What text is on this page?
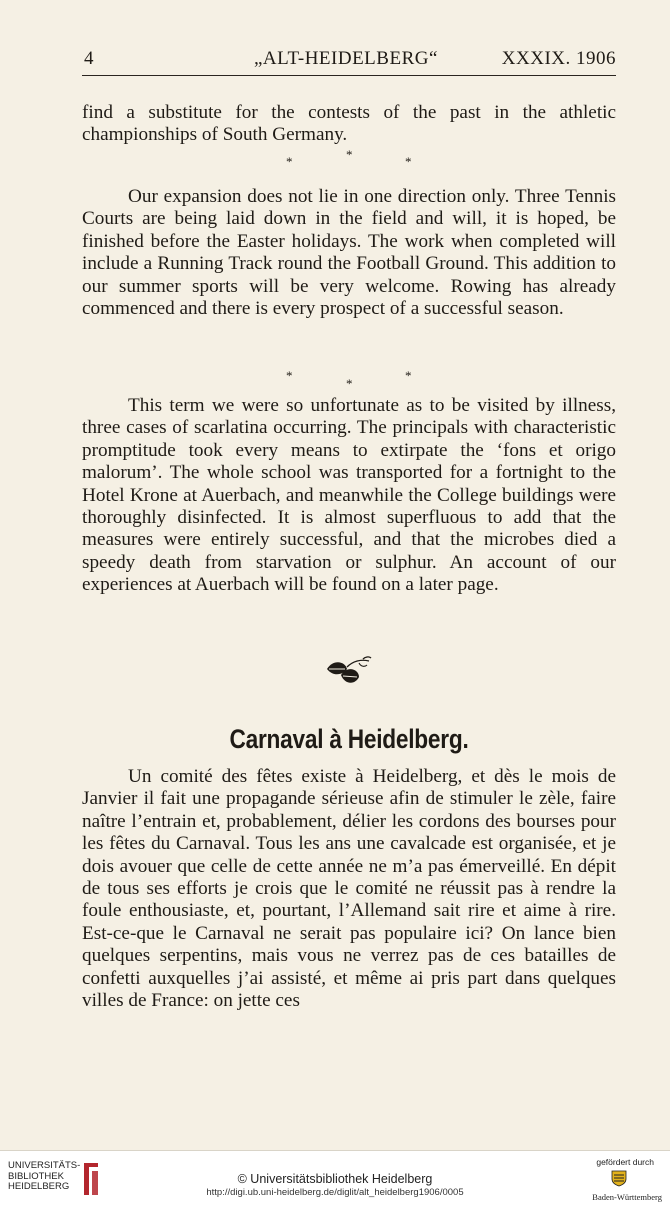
4	„ALT-HEIDELBERG“	XXXIX. 1906

find a substitute for the contests of the past in the athletic championships of South Germany.

*	*	*

Our expansion does not lie in one direction only. Three Tennis Courts are being laid down in the field and will, it is hoped, be finished before the Easter holidays. The work when completed will include a Running Track round the Football Ground. This addition to our summer sports will be very welcome. Rowing has already commenced and there is every prospect of a successful season.

*
*
*

This term we were so unfortunate as to be visited by illness, three cases of scarlatina occurring. The principals with characteristic promptitude took every means to extirpate the ‘fons et origo malorum’. The whole school was transported for a fortnight to the Hotel Krone at Auerbach, and meanwhile the College buildings were thoroughly disinfected. It is almost superfluous to add that the measures were entirely successful, and that the microbes died a speedy death from starvation or sulphur. An account of our experiences at Auerbach will be found on a later page.

Carnaval à Heidelberg.

Un comité des fêtes existe à Heidelberg, et dès le mois de Janvier il fait une propagande sérieuse afin de stimuler le zèle, faire naître l’entrain et, probablement, délier les cordons des bourses pour les fêtes du Carnaval. Tous les ans une cavalcade est organisée, et je dois avouer que celle de cette année ne m’a pas émerveillé. En dépit de tous ses efforts je crois que le comité ne réussit pas à rendre la foule enthousiaste, et, pourtant, l’Allemand sait rire et aime à rire. Est-ce-que le Carnaval ne serait pas populaire ici? On lance bien quelques serpentins, mais vous ne verrez pas de ces batailles de confetti auxquelles j’ai assisté, et même ai pris part dans quelques villes de France: on jette ces

UNIVERSITÄTS-
BIBLIOTHEK
HEIDELBERG
© Universitätsbibliothek Heidelberg
http://digi.ub.uni-heidelberg.de/diglit/alt_heidelberg1906/0005
gefördert durch
Baden-Württemberg
